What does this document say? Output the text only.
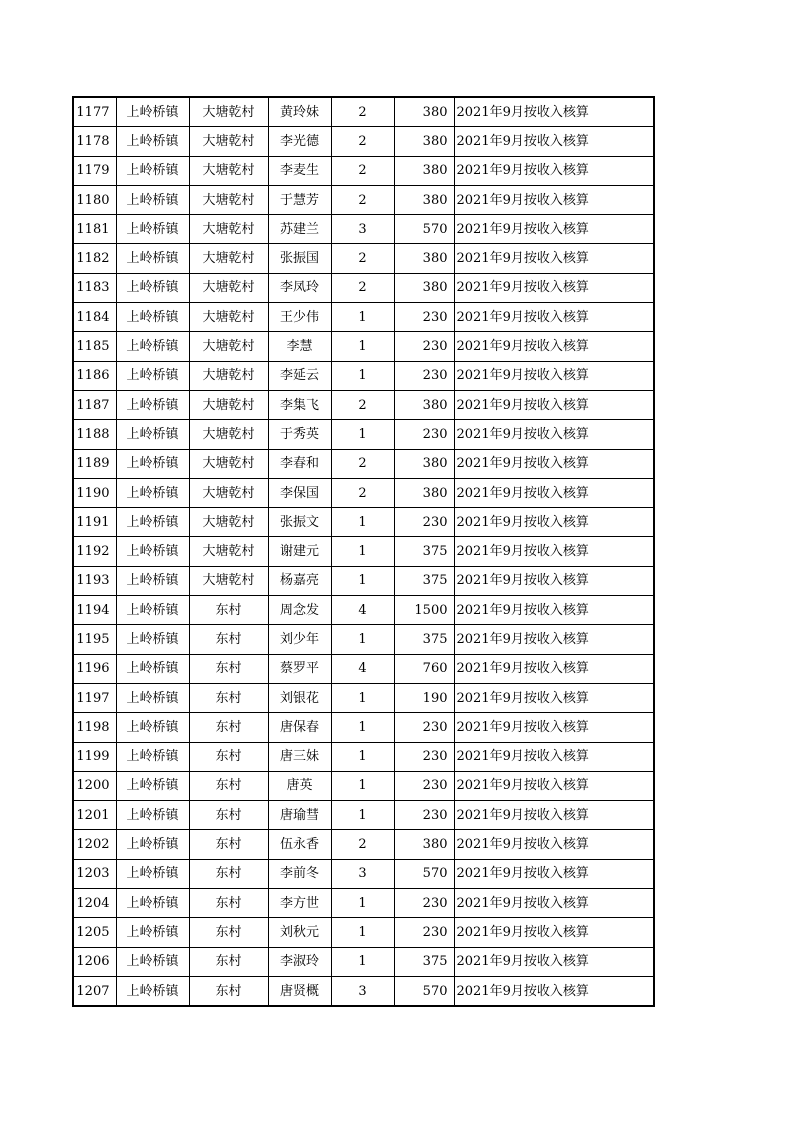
1177	上岭桥镇	大塘乾村	黄玲妹	2	380	2021年9月按收入核算
1178	上岭桥镇	大塘乾村	李光德	2	380	2021年9月按收入核算
1179	上岭桥镇	大塘乾村	李麦生	2	380	2021年9月按收入核算
1180	上岭桥镇	大塘乾村	于慧芳	2	380	2021年9月按收入核算
1181	上岭桥镇	大塘乾村	苏建兰	3	570	2021年9月按收入核算
1182	上岭桥镇	大塘乾村	张振国	2	380	2021年9月按收入核算
1183	上岭桥镇	大塘乾村	李凤玲	2	380	2021年9月按收入核算
1184	上岭桥镇	大塘乾村	王少伟	1	230	2021年9月按收入核算
1185	上岭桥镇	大塘乾村	李慧	1	230	2021年9月按收入核算
1186	上岭桥镇	大塘乾村	李延云	1	230	2021年9月按收入核算
1187	上岭桥镇	大塘乾村	李集飞	2	380	2021年9月按收入核算
1188	上岭桥镇	大塘乾村	于秀英	1	230	2021年9月按收入核算
1189	上岭桥镇	大塘乾村	李春和	2	380	2021年9月按收入核算
1190	上岭桥镇	大塘乾村	李保国	2	380	2021年9月按收入核算
1191	上岭桥镇	大塘乾村	张振文	1	230	2021年9月按收入核算
1192	上岭桥镇	大塘乾村	谢建元	1	375	2021年9月按收入核算
1193	上岭桥镇	大塘乾村	杨嘉亮	1	375	2021年9月按收入核算
1194	上岭桥镇	东村	周念发	4	1500	2021年9月按收入核算
1195	上岭桥镇	东村	刘少年	1	375	2021年9月按收入核算
1196	上岭桥镇	东村	蔡罗平	4	760	2021年9月按收入核算
1197	上岭桥镇	东村	刘银花	1	190	2021年9月按收入核算
1198	上岭桥镇	东村	唐保春	1	230	2021年9月按收入核算
1199	上岭桥镇	东村	唐三妹	1	230	2021年9月按收入核算
1200	上岭桥镇	东村	唐英	1	230	2021年9月按收入核算
1201	上岭桥镇	东村	唐瑜彗	1	230	2021年9月按收入核算
1202	上岭桥镇	东村	伍永香	2	380	2021年9月按收入核算
1203	上岭桥镇	东村	李前冬	3	570	2021年9月按收入核算
1204	上岭桥镇	东村	李方世	1	230	2021年9月按收入核算
1205	上岭桥镇	东村	刘秋元	1	230	2021年9月按收入核算
1206	上岭桥镇	东村	李淑玲	1	375	2021年9月按收入核算
1207	上岭桥镇	东村	唐贤概	3	570	2021年9月按收入核算
